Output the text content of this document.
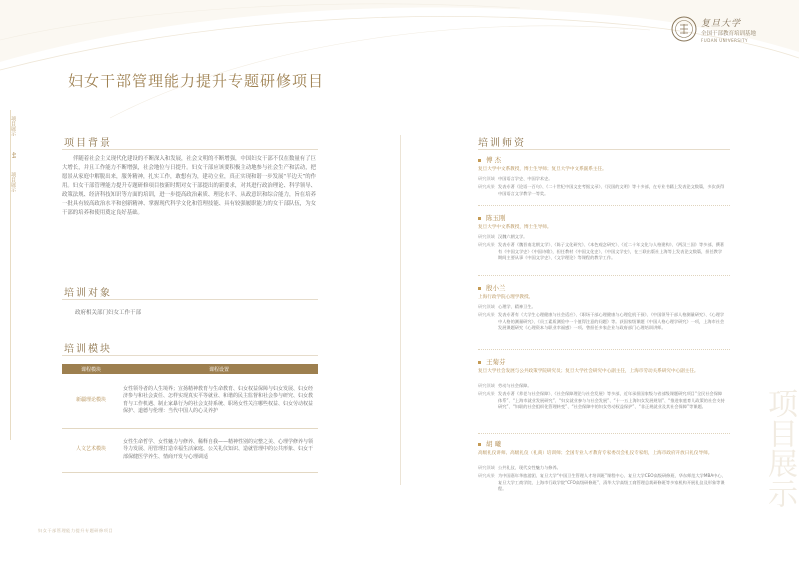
项目展示
44
项目展示
复旦大学
全国干部教育培训基地
FUDAN UNIVERSITY
妇女干部管理能力提升专题研修项目
项目背景
伴随着社会主义现代化建设的不断深入和发展，社会文明的不断增强，中国妇女干部不仅在数量有了巨大增长，并且工作能力不断增强，社会地位与日提升。妇女干部应该要积极主动地参与社会生产和活动，把愿景从家庭中解脱出来，服务精神，扎实工作，敢想有为，建功立业，真正实现和谐一步发展“半边天”的作用。妇女干部管理能力提升专题研修项目按新时期对女干部提出的新要求，对其进行政治理论、科学领导、政策法规、经济科技知识等方面的培训，进一步提高政治素质、理论水平、从政意识和综合能力，旨在培养一批具有较高政治水平和创新精神、掌握现代科学文化和管理技能、具有较强履职能力的女干部队伍，为女干部的培养和使用奠定良好基础。
培训对象
政府相关部门妇女工作干部
培训模块
课程模块	课程设置
新疆理论模块	女性领导者的人生境界；宣扬精神教育与生命教育、妇女权益保障与妇女发展、妇女经济参与和社会责任、怎样实现真实平等就业、和谐的民主监督和社会参与研究、妇女教育与工作机遇、制止家暴行为的社会支持系统、职场女性关注哪些权益、妇女劳动权益保护、道德与伦理：当代中国人的心灵养护
人文艺术模块	女性生命哲学、女性魅力与修养、稀释自我——精神性别的完整之美、心理学修养与领导力发展、用管理打造幸福生活家庭、公关礼仪知识、造就管理中的公共形象、妇女干部保健医学养生、情商开发与心理调适
培训师资
傅 杰
复旦大学中文系教授，博士生导师；复旦大学中文系副系主任。
研究领域 中国语言学史、中国学术史。
研究成果 发表专著《论语一百句》、《二十世纪中国文史考据文录》、《民国的文明》等十多部，在专业书籍上发表论文数篇，多次获得中国语言文学教学一等奖。
陈玉刚
复旦大学中文系教授，博士生导师。
研究领域 汉魏六朝文学。
研究成果 发表专著《魏晋南北朝文学》、《陈子文化研究》、《本色观念研究》、《近二十年文化与人格建构》、《两汉三国》等多部，撰著有《中国文学史》《中国诗歌》，担任教材《中国文化史》、《中国文学史》，在三联出版社上海等上发表论文数篇，担任教学期间主要从事《中国文学史》、《文学理论》等课程的教学工作。
殷小兰
上海行政学院心理学教授。
研究领域 心理学、精神卫生。
研究成果 发表专著有《大学生心理健康与社会适应》、《职场干部心理健康与心理危机干预》、《中国领导干部人格测量研究》、《心理学中人格的测量研究》、《员工素质测验中一个值得注意的问题》等。获国家级课题《中国人格心理学研究》一项，上海市社会发展课题研究《心理资本与职业幸福感》一项。曾担任多家企业与政府部门心理培训讲师。
王菊芬
复旦大学社会发展与公共政策学院研究员；复旦大学社会研究中心副主任，上海市劳动关系研究中心副主任。
研究领域 劳动与社会保障。
研究成果 发表专著《养老与社会保障》、《社会保障理论与社会发展》等多部，近年承担国家级与省部级课题研究项目“全民社会保障体系”、“上海市就业发展研究”、“妇女就业参与与社会发展”、“十一五上海妇女发展规划”、“推进家庭育儿政策的社会支持研究”、“妇联的社会组织化管理转变”、“社会保障中的妇女劳动权益保护”、“非正规就业及其社会保障”等课题。
胡 曦
高级礼仪讲师、高级礼仪（礼商）培训师；全国专业人才教育专家委员会礼仪专家组，上海市政府开放日礼仪导师。
研究领域 公共礼仪、现代女性魅力与修养。
研究成果 为中国嘉年华旅游团、复旦大学“中国卫生管理人才培训班”课程中心、复旦大学CEO高级研修班、华东师范大学MBA中心、复旦大学工商学院、上海市行政学院“CFO高级研修班”、清华大学高级工商管理总裁研修班等多家机构开展礼仪及形象等课程。	项目展示
妇女干部管理能力提升专题研修项目
